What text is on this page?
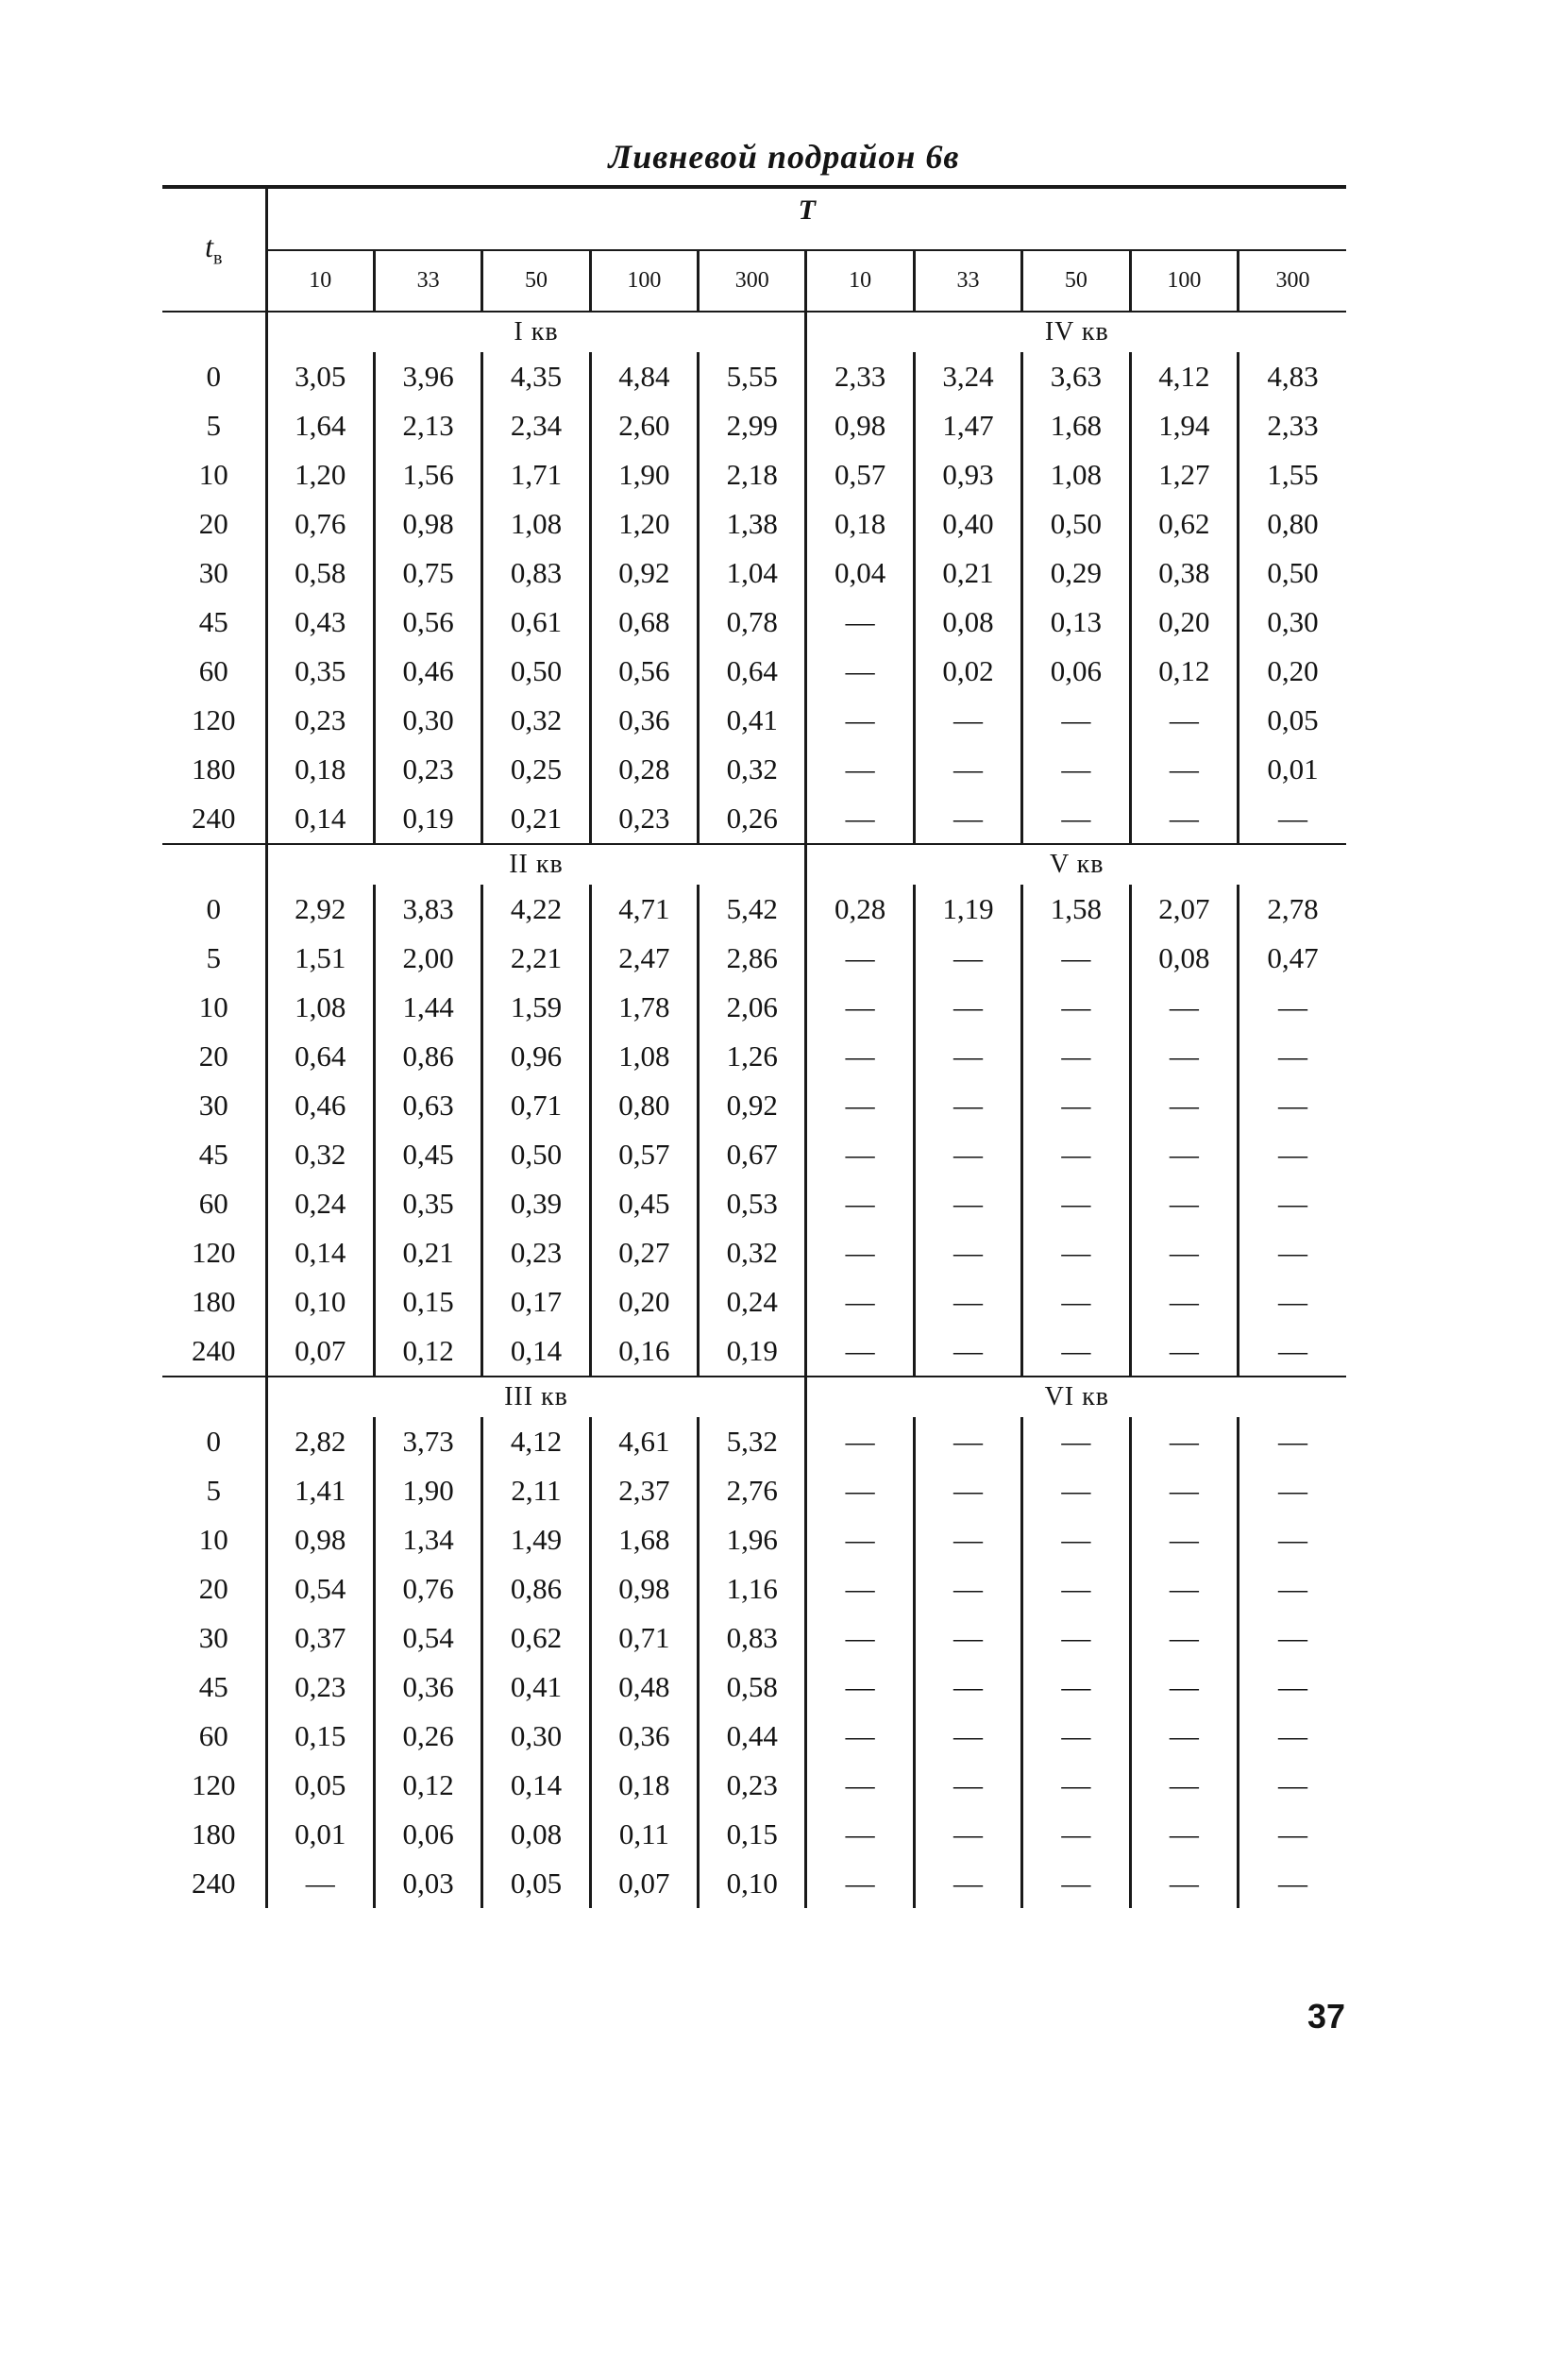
Ливневой подрайон 6в
$t_в$	T									
	10	33	50	100	300	10	33	50	100	300
	I кв					IV кв				
0	3,05	3,96	4,35	4,84	5,55	2,33	3,24	3,63	4,12	4,83
5	1,64	2,13	2,34	2,60	2,99	0,98	1,47	1,68	1,94	2,33
10	1,20	1,56	1,71	1,90	2,18	0,57	0,93	1,08	1,27	1,55
20	0,76	0,98	1,08	1,20	1,38	0,18	0,40	0,50	0,62	0,80
30	0,58	0,75	0,83	0,92	1,04	0,04	0,21	0,29	0,38	0,50
45	0,43	0,56	0,61	0,68	0,78	—	0,08	0,13	0,20	0,30
60	0,35	0,46	0,50	0,56	0,64	—	0,02	0,06	0,12	0,20
120	0,23	0,30	0,32	0,36	0,41	—	—	—	—	0,05
180	0,18	0,23	0,25	0,28	0,32	—	—	—	—	0,01
240	0,14	0,19	0,21	0,23	0,26	—	—	—	—	—
	II кв					V кв				
0	2,92	3,83	4,22	4,71	5,42	0,28	1,19	1,58	2,07	2,78
5	1,51	2,00	2,21	2,47	2,86	—	—	—	0,08	0,47
10	1,08	1,44	1,59	1,78	2,06	—	—	—	—	—
20	0,64	0,86	0,96	1,08	1,26	—	—	—	—	—
30	0,46	0,63	0,71	0,80	0,92	—	—	—	—	—
45	0,32	0,45	0,50	0,57	0,67	—	—	—	—	—
60	0,24	0,35	0,39	0,45	0,53	—	—	—	—	—
120	0,14	0,21	0,23	0,27	0,32	—	—	—	—	—
180	0,10	0,15	0,17	0,20	0,24	—	—	—	—	—
240	0,07	0,12	0,14	0,16	0,19	—	—	—	—	—
	III кв					VI кв				
0	2,82	3,73	4,12	4,61	5,32	—	—	—	—	—
5	1,41	1,90	2,11	2,37	2,76	—	—	—	—	—
10	0,98	1,34	1,49	1,68	1,96	—	—	—	—	—
20	0,54	0,76	0,86	0,98	1,16	—	—	—	—	—
30	0,37	0,54	0,62	0,71	0,83	—	—	—	—	—
45	0,23	0,36	0,41	0,48	0,58	—	—	—	—	—
60	0,15	0,26	0,30	0,36	0,44	—	—	—	—	—
120	0,05	0,12	0,14	0,18	0,23	—	—	—	—	—
180	0,01	0,06	0,08	0,11	0,15	—	—	—	—	—
240	—	0,03	0,05	0,07	0,10	—	—	—	—	—
37
